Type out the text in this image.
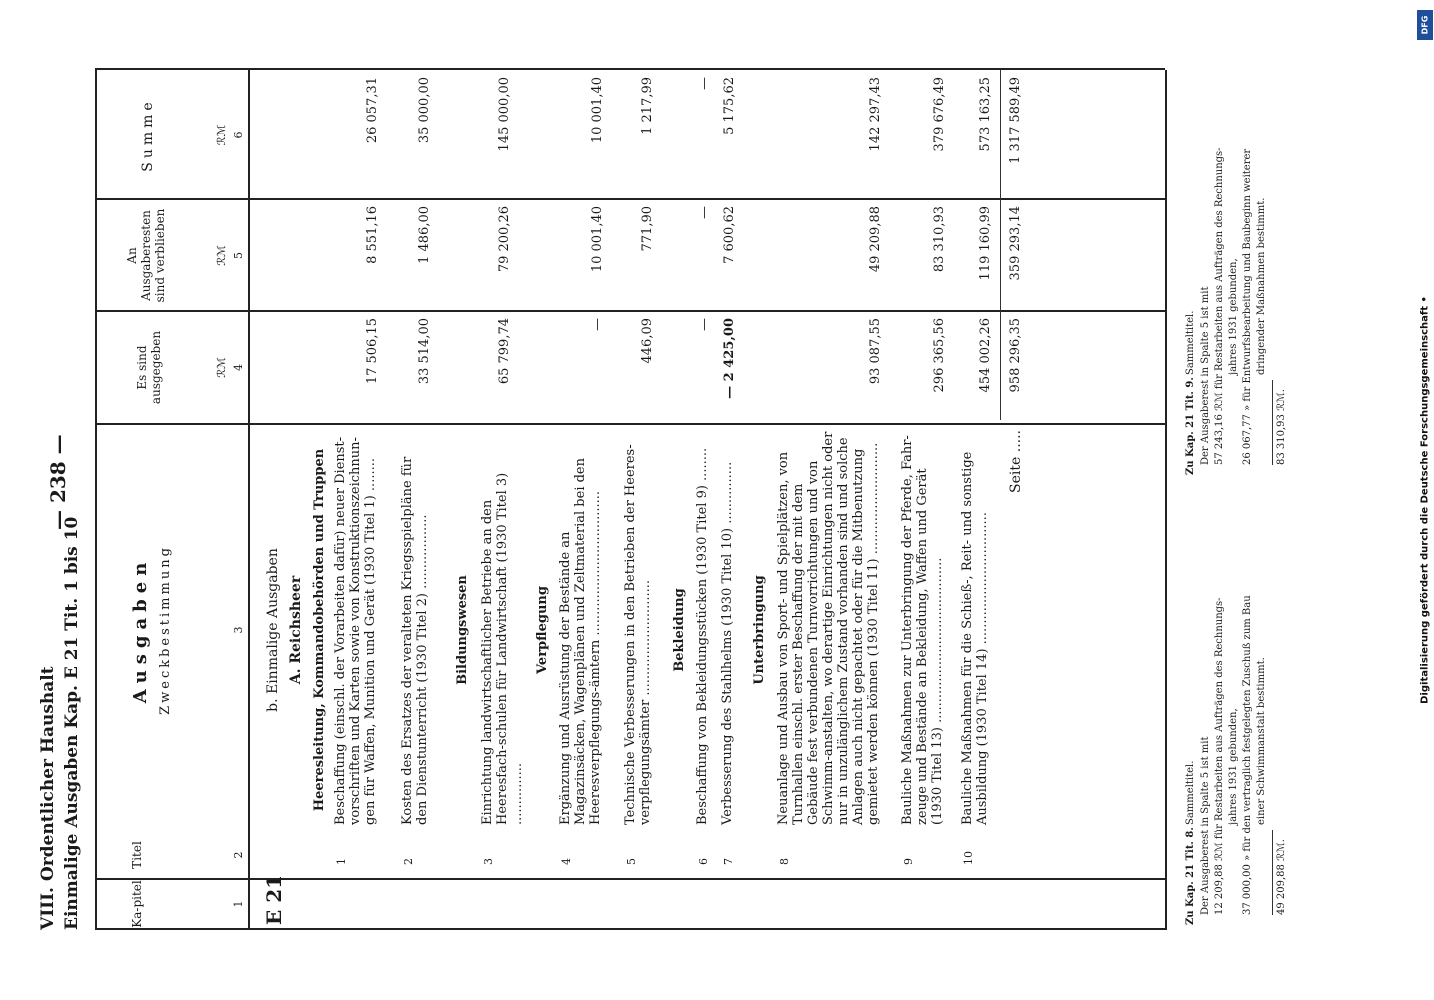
VIII. Ordentlicher Haushalt Einmalige Ausgaben Kap. E 21 Tit. 1 bis 10
— 238 —
Ka-pitel
Titel
Ausgaben Zweckbestimmung
Es sind ausgegeben
An Ausgaberesten sind verblieben
Summe
ℛℳ
ℛℳ
ℛℳ
1
2
3
4
5
6
E 21
b. Einmalige Ausgaben A. Reichsheer Heeresleitung, Kommandobehörden und Truppen
1
Beschaffung (einschl. der Vorarbeiten dafür) neuer Dienst-vorschriften und Karten sowie von Konstruktionszeichnun-gen für Waffen, Munition und Gerät (1930 Titel 1) ........
17 506,15
8 551,16
26 057,31
2
Kosten des Ersatzes der veralteten Kriegsspielpläne für den Dienstunterricht (1930 Titel 2) ..................
33 514,00
1 486,00
35 000,00
Bildungswesen
3
Einrichtung landwirtschaftlicher Betriebe an den Heeresfach-schulen für Landwirtschaft (1930 Titel 3) ...............
65 799,74
79 200,26
145 000,00
Verpflegung
4
Ergänzung und Ausrüstung der Bestände an Magazinsäcken, Wagenplänen und Zeltmaterial bei den Heeresverpflegungs-ämtern ...................................
—
10 001,40
10 001,40
5
Technische Verbesserungen in den Betrieben der Heeres-verpflegungsämter ............................
446,09
771,90
1 217,99
Bekleidung
6
Beschaffung von Bekleidungsstücken (1930 Titel 9) ........
—
—
—
7
Verbesserung des Stahlhelms (1930 Titel 10) ...............
— 2 425,00
7 600,62
5 175,62
Unterbringung
8
Neuanlage und Ausbau von Sport- und Spielplätzen, von Turnhallen einschl. erster Beschaffung der mit dem Gebäude fest verbundenen Turnvorrichtungen und von Schwimm-anstalten, wo derartige Einrichtungen nicht oder nur in unzulänglichem Zustand vorhanden sind und solche Anlagen auch nicht gepachtet oder für die Mitbenutzung gemietet werden können (1930 Titel 11) ...........................
93 087,55
49 209,88
142 297,43
9
Bauliche Maßnahmen zur Unterbringung der Pferde, Fahr-zeuge und Bestände an Bekleidung, Waffen und Gerät (1930 Titel 13) ........................................
296 365,56
83 310,93
379 676,49
10
Bauliche Maßnahmen für die Schieß-, Reit- und sonstige Ausbildung (1930 Titel 14) ................................
454 002,26
119 160,99
573 163,25
Seite .....
958 296,35
359 293,14
1 317 589,49
Zu Kap. 21 Tit. 8.
Sammeltitel. Der Ausgaberest in Spalte 5 ist mit 12 209,88 ℛℳ für Restarbeiten aus Aufträgen des Rechnungs- jahres 1931 gebunden, 37 000,00 » für den vertraglich festgelegten Zuschuß zum Bau einer Schwimmanstalt bestimmt.
49 209,88 ℛℳ.
Zu Kap. 21 Tit. 9.
Sammeltitel. Der Ausgaberest in Spalte 5 ist mit 57 243,16 ℛℳ für Restarbeiten aus Aufträgen des Rechnungs- jahres 1931 gebunden, 26 067,77 » für Entwurfsbearbeitung und Baubeginn weiterer dringender Maßnahmen bestimmt.
83 310,93 ℛℳ.	Digitalisierung gefördert durch die Deutsche Forschungsgemeinschaft •
DFG
